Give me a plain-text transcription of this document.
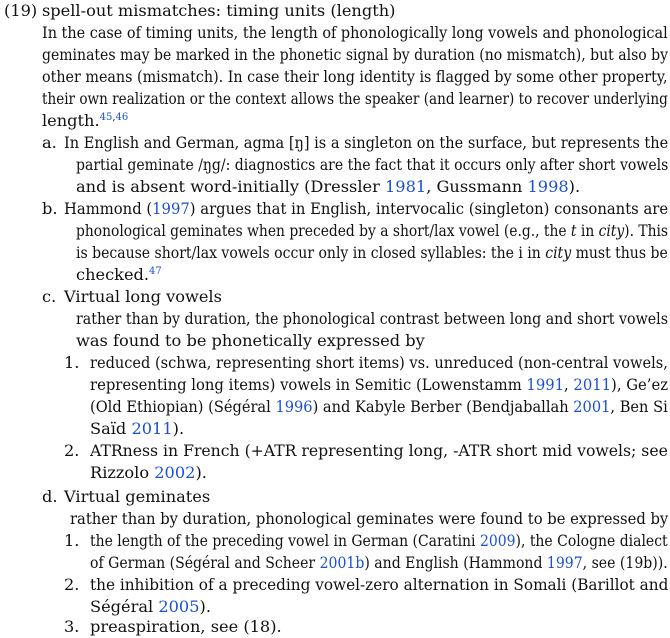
(19) spell-out mismatches: timing units (length)
In the case of timing units, the length of phonologically long vowels and phonological
geminates may be marked in the phonetic signal by duration (no mismatch), but also by
other means (mismatch). In case their long identity is flagged by some other property,
their own realization or the context allows the speaker (and learner) to recover underlying
length.$^{45,46}$
a. In English and German, agma [ŋ] is a singleton on the surface, but represents the
partial geminate /ŋg/: diagnostics are the fact that it occurs only after short vowels
and is absent word-initially (Dressler 1981, Gussmann 1998).
b. Hammond (1997) argues that in English, intervocalic (singleton) consonants are
phonological geminates when preceded by a short/lax vowel (e.g., the t in city). This
is because short/lax vowels occur only in closed syllables: the i in city must thus be
checked.$^{47}$
c. Virtual long vowels
rather than by duration, the phonological contrast between long and short vowels
was found to be phonetically expressed by
1. reduced (schwa, representing short items) vs. unreduced (non-central vowels,
representing long items) vowels in Semitic (Lowenstamm 1991, 2011), Ge’ez
(Old Ethiopian) (Ségéral 1996) and Kabyle Berber (Bendjaballah 2001, Ben Si
Saïd 2011).
2. ATRness in French (+ATR representing long, -ATR short mid vowels; see
Rizzolo 2002).
d. Virtual geminates
rather than by duration, phonological geminates were found to be expressed by
1. the length of the preceding vowel in German (Caratini 2009), the Cologne dialect
of German (Ségéral and Scheer 2001b) and English (Hammond 1997, see (19b)).
2. the inhibition of a preceding vowel-zero alternation in Somali (Barillot and
Ségéral 2005).
3. preaspiration, see (18).
